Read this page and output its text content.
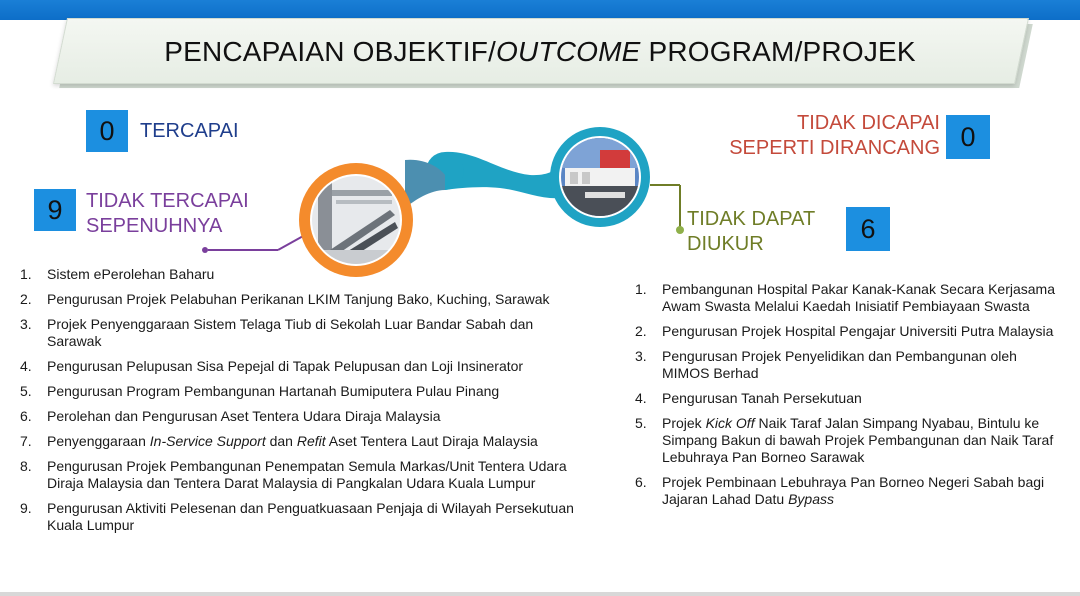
PENCAPAIAN OBJEKTIF/OUTCOME PROGRAM/PROJEK
0	TERCAPAI
9	TIDAK TERCAPAI
SEPENUHNYA
TIDAK DICAPAI
SEPERTI DIRANCANG 0
TIDAK DAPAT
DIUKUR
6
1. Sistem ePerolehan Baharu
2. Pengurusan Projek Pelabuhan Perikanan LKIM Tanjung Bako, Kuching, Sarawak
3. Projek Penyenggaraan Sistem Telaga Tiub di Sekolah Luar Bandar Sabah dan Sarawak
4. Pengurusan Pelupusan Sisa Pepejal di Tapak Pelupusan dan Loji Insinerator
5. Pengurusan Program Pembangunan Hartanah Bumiputera Pulau Pinang
6. Perolehan dan Pengurusan Aset Tentera Udara Diraja Malaysia
7. Penyenggaraan In-Service Support dan Refit Aset Tentera Laut Diraja Malaysia
8. Pengurusan Projek Pembangunan Penempatan Semula Markas/Unit Tentera Udara Diraja Malaysia dan Tentera Darat Malaysia di Pangkalan Udara Kuala Lumpur
9. Pengurusan Aktiviti Pelesenan dan Penguatkuasaan Penjaja di Wilayah Persekutuan Kuala Lumpur
1. Pembangunan Hospital Pakar Kanak-Kanak Secara Kerjasama Awam Swasta Melalui Kaedah Inisiatif Pembiayaan Swasta
2. Pengurusan Projek Hospital Pengajar Universiti Putra Malaysia
3. Pengurusan Projek Penyelidikan dan Pembangunan oleh MIMOS Berhad
4. Pengurusan Tanah Persekutuan
5. Projek Kick Off Naik Taraf Jalan Simpang Nyabau, Bintulu ke Simpang Bakun di bawah Projek Pembangunan dan Naik Taraf Lebuhraya Pan Borneo Sarawak
6. Projek Pembinaan Lebuhraya Pan Borneo Negeri Sabah bagi Jajaran Lahad Datu Bypass
